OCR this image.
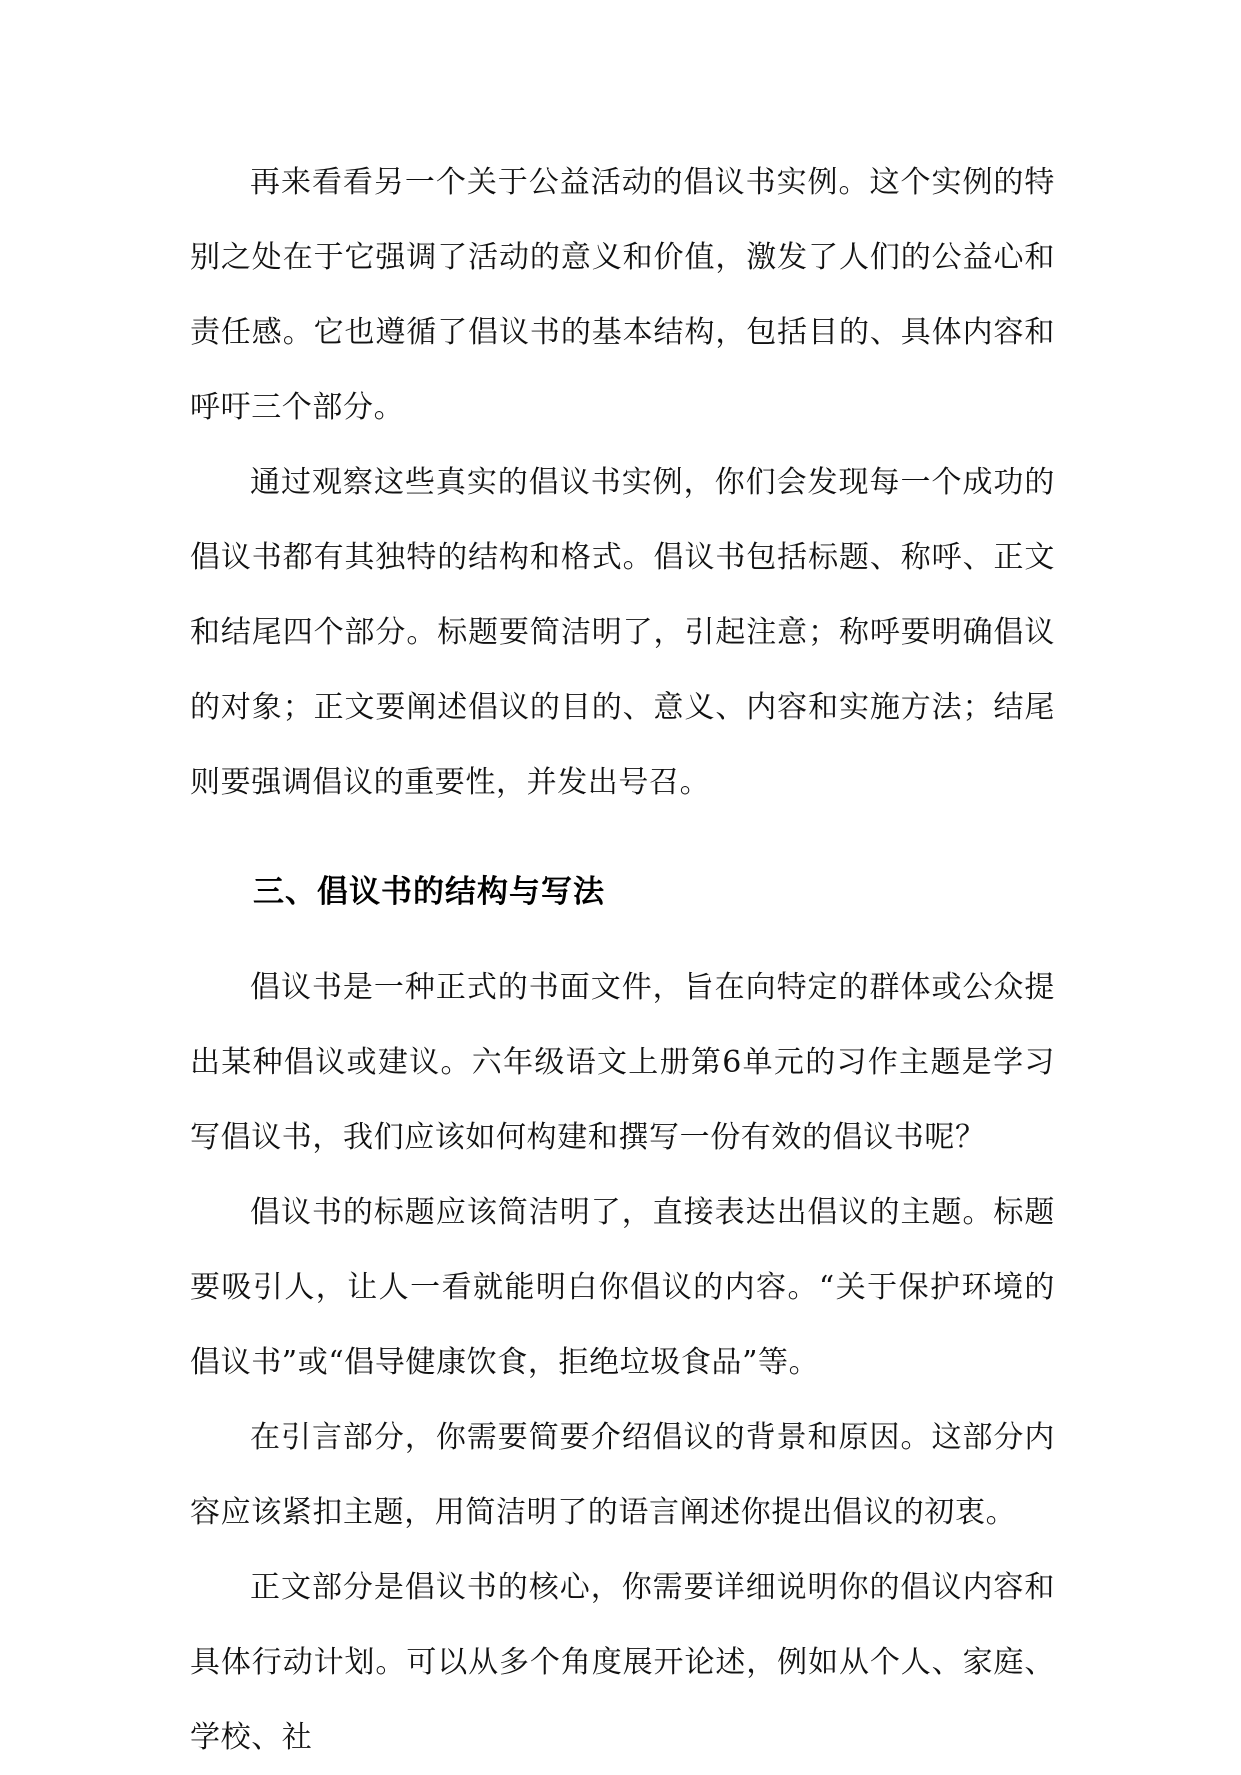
再来看看另一个关于公益活动的倡议书实例。这个实例的特别之处在于它强调了活动的意义和价值，激发了人们的公益心和责任感。它也遵循了倡议书的基本结构，包括目的、具体内容和呼吁三个部分。

通过观察这些真实的倡议书实例，你们会发现每一个成功的倡议书都有其独特的结构和格式。倡议书包括标题、称呼、正文和结尾四个部分。标题要简洁明了，引起注意；称呼要明确倡议的对象；正文要阐述倡议的目的、意义、内容和实施方法；结尾则要强调倡议的重要性，并发出号召。

三、倡议书的结构与写法

倡议书是一种正式的书面文件，旨在向特定的群体或公众提出某种倡议或建议。六年级语文上册第6单元的习作主题是学习写倡议书，我们应该如何构建和撰写一份有效的倡议书呢？

倡议书的标题应该简洁明了，直接表达出倡议的主题。标题要吸引人，让人一看就能明白你倡议的内容。“关于保护环境的倡议书”或“倡导健康饮食，拒绝垃圾食品”等。

在引言部分，你需要简要介绍倡议的背景和原因。这部分内容应该紧扣主题，用简洁明了的语言阐述你提出倡议的初衷。

正文部分是倡议书的核心，你需要详细说明你的倡议内容和具体行动计划。可以从多个角度展开论述，例如从个人、家庭、学校、社
